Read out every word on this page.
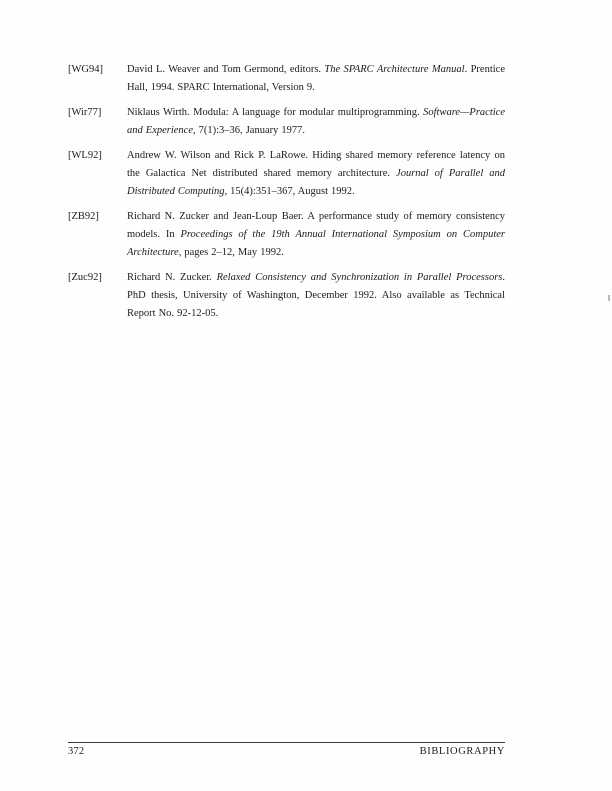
[WG94]	David L. Weaver and Tom Germond, editors. The SPARC Architecture Manual. Prentice Hall, 1994. SPARC International, Version 9.
[Wir77]	Niklaus Wirth. Modula: A language for modular multiprogramming. Software—Practice and Experience, 7(1):3–36, January 1977.
[WL92]	Andrew W. Wilson and Rick P. LaRowe. Hiding shared memory reference latency on the Galactica Net distributed shared memory architecture. Journal of Parallel and Distributed Computing, 15(4):351–367, August 1992.
[ZB92]	Richard N. Zucker and Jean-Loup Baer. A performance study of memory consistency models. In Proceedings of the 19th Annual International Symposium on Computer Architecture, pages 2–12, May 1992.
[Zuc92]	Richard N. Zucker. Relaxed Consistency and Synchronization in Parallel Processors. PhD thesis, University of Washington, December 1992. Also available as Technical Report No. 92-12-05.
372	BIBLIOGRAPHY
